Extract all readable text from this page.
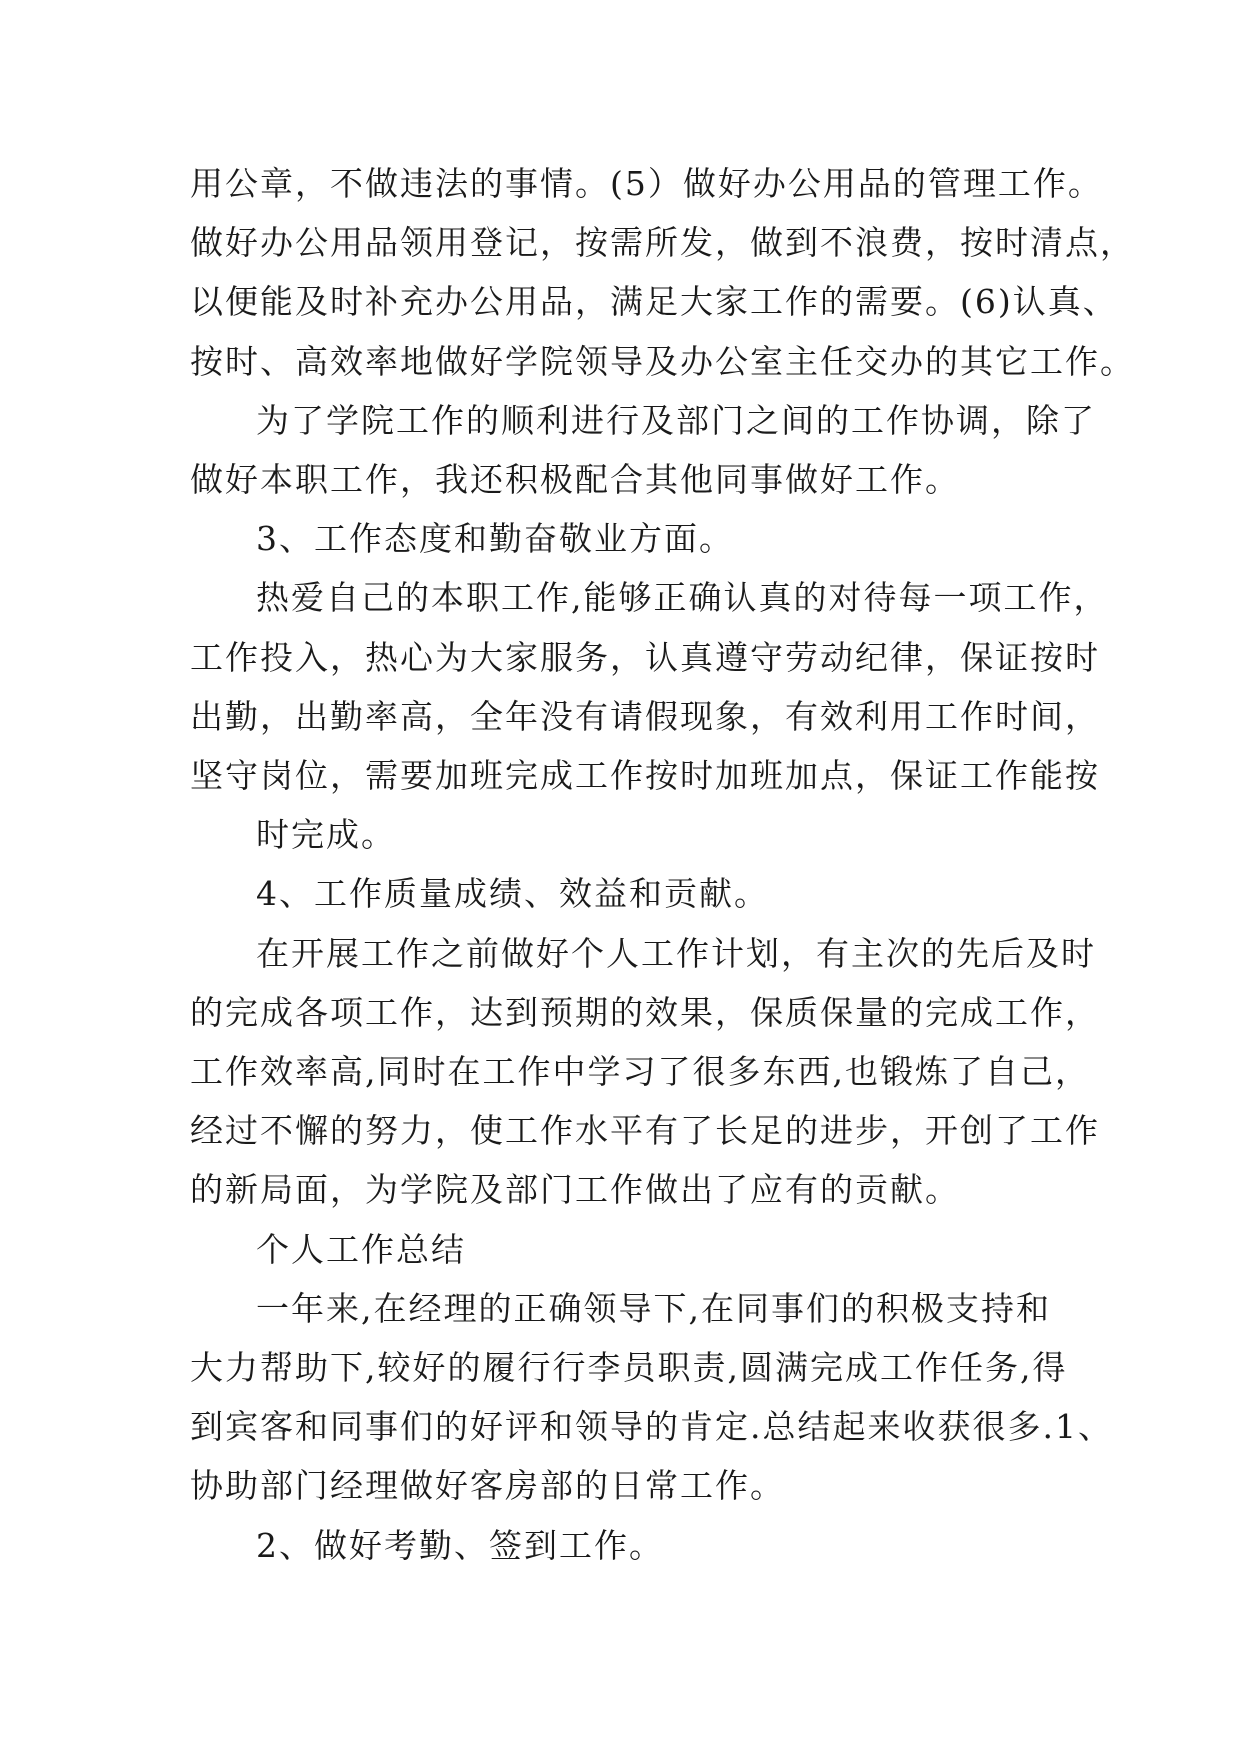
用公章，不做违法的事情。(5）做好办公用品的管理工作。
做好办公用品领用登记，按需所发，做到不浪费，按时清点，
以便能及时补充办公用品，满足大家工作的需要。(6)认真、
按时、高效率地做好学院领导及办公室主任交办的其它工作。
为了学院工作的顺利进行及部门之间的工作协调，除了
做好本职工作，我还积极配合其他同事做好工作。
3、工作态度和勤奋敬业方面。
热爱自己的本职工作,能够正确认真的对待每一项工作，
工作投入，热心为大家服务，认真遵守劳动纪律，保证按时
出勤，出勤率高，全年没有请假现象，有效利用工作时间，
坚守岗位，需要加班完成工作按时加班加点，保证工作能按
时完成。
4、工作质量成绩、效益和贡献。
在开展工作之前做好个人工作计划，有主次的先后及时
的完成各项工作，达到预期的效果，保质保量的完成工作，
工作效率高,同时在工作中学习了很多东西,也锻炼了自己，
经过不懈的努力，使工作水平有了长足的进步，开创了工作
的新局面，为学院及部门工作做出了应有的贡献。
个人工作总结
一年来,在经理的正确领导下,在同事们的积极支持和
大力帮助下,较好的履行行李员职责,圆满完成工作任务,得
到宾客和同事们的好评和领导的肯定.总结起来收获很多.1、
协助部门经理做好客房部的日常工作。
2、做好考勤、签到工作。
